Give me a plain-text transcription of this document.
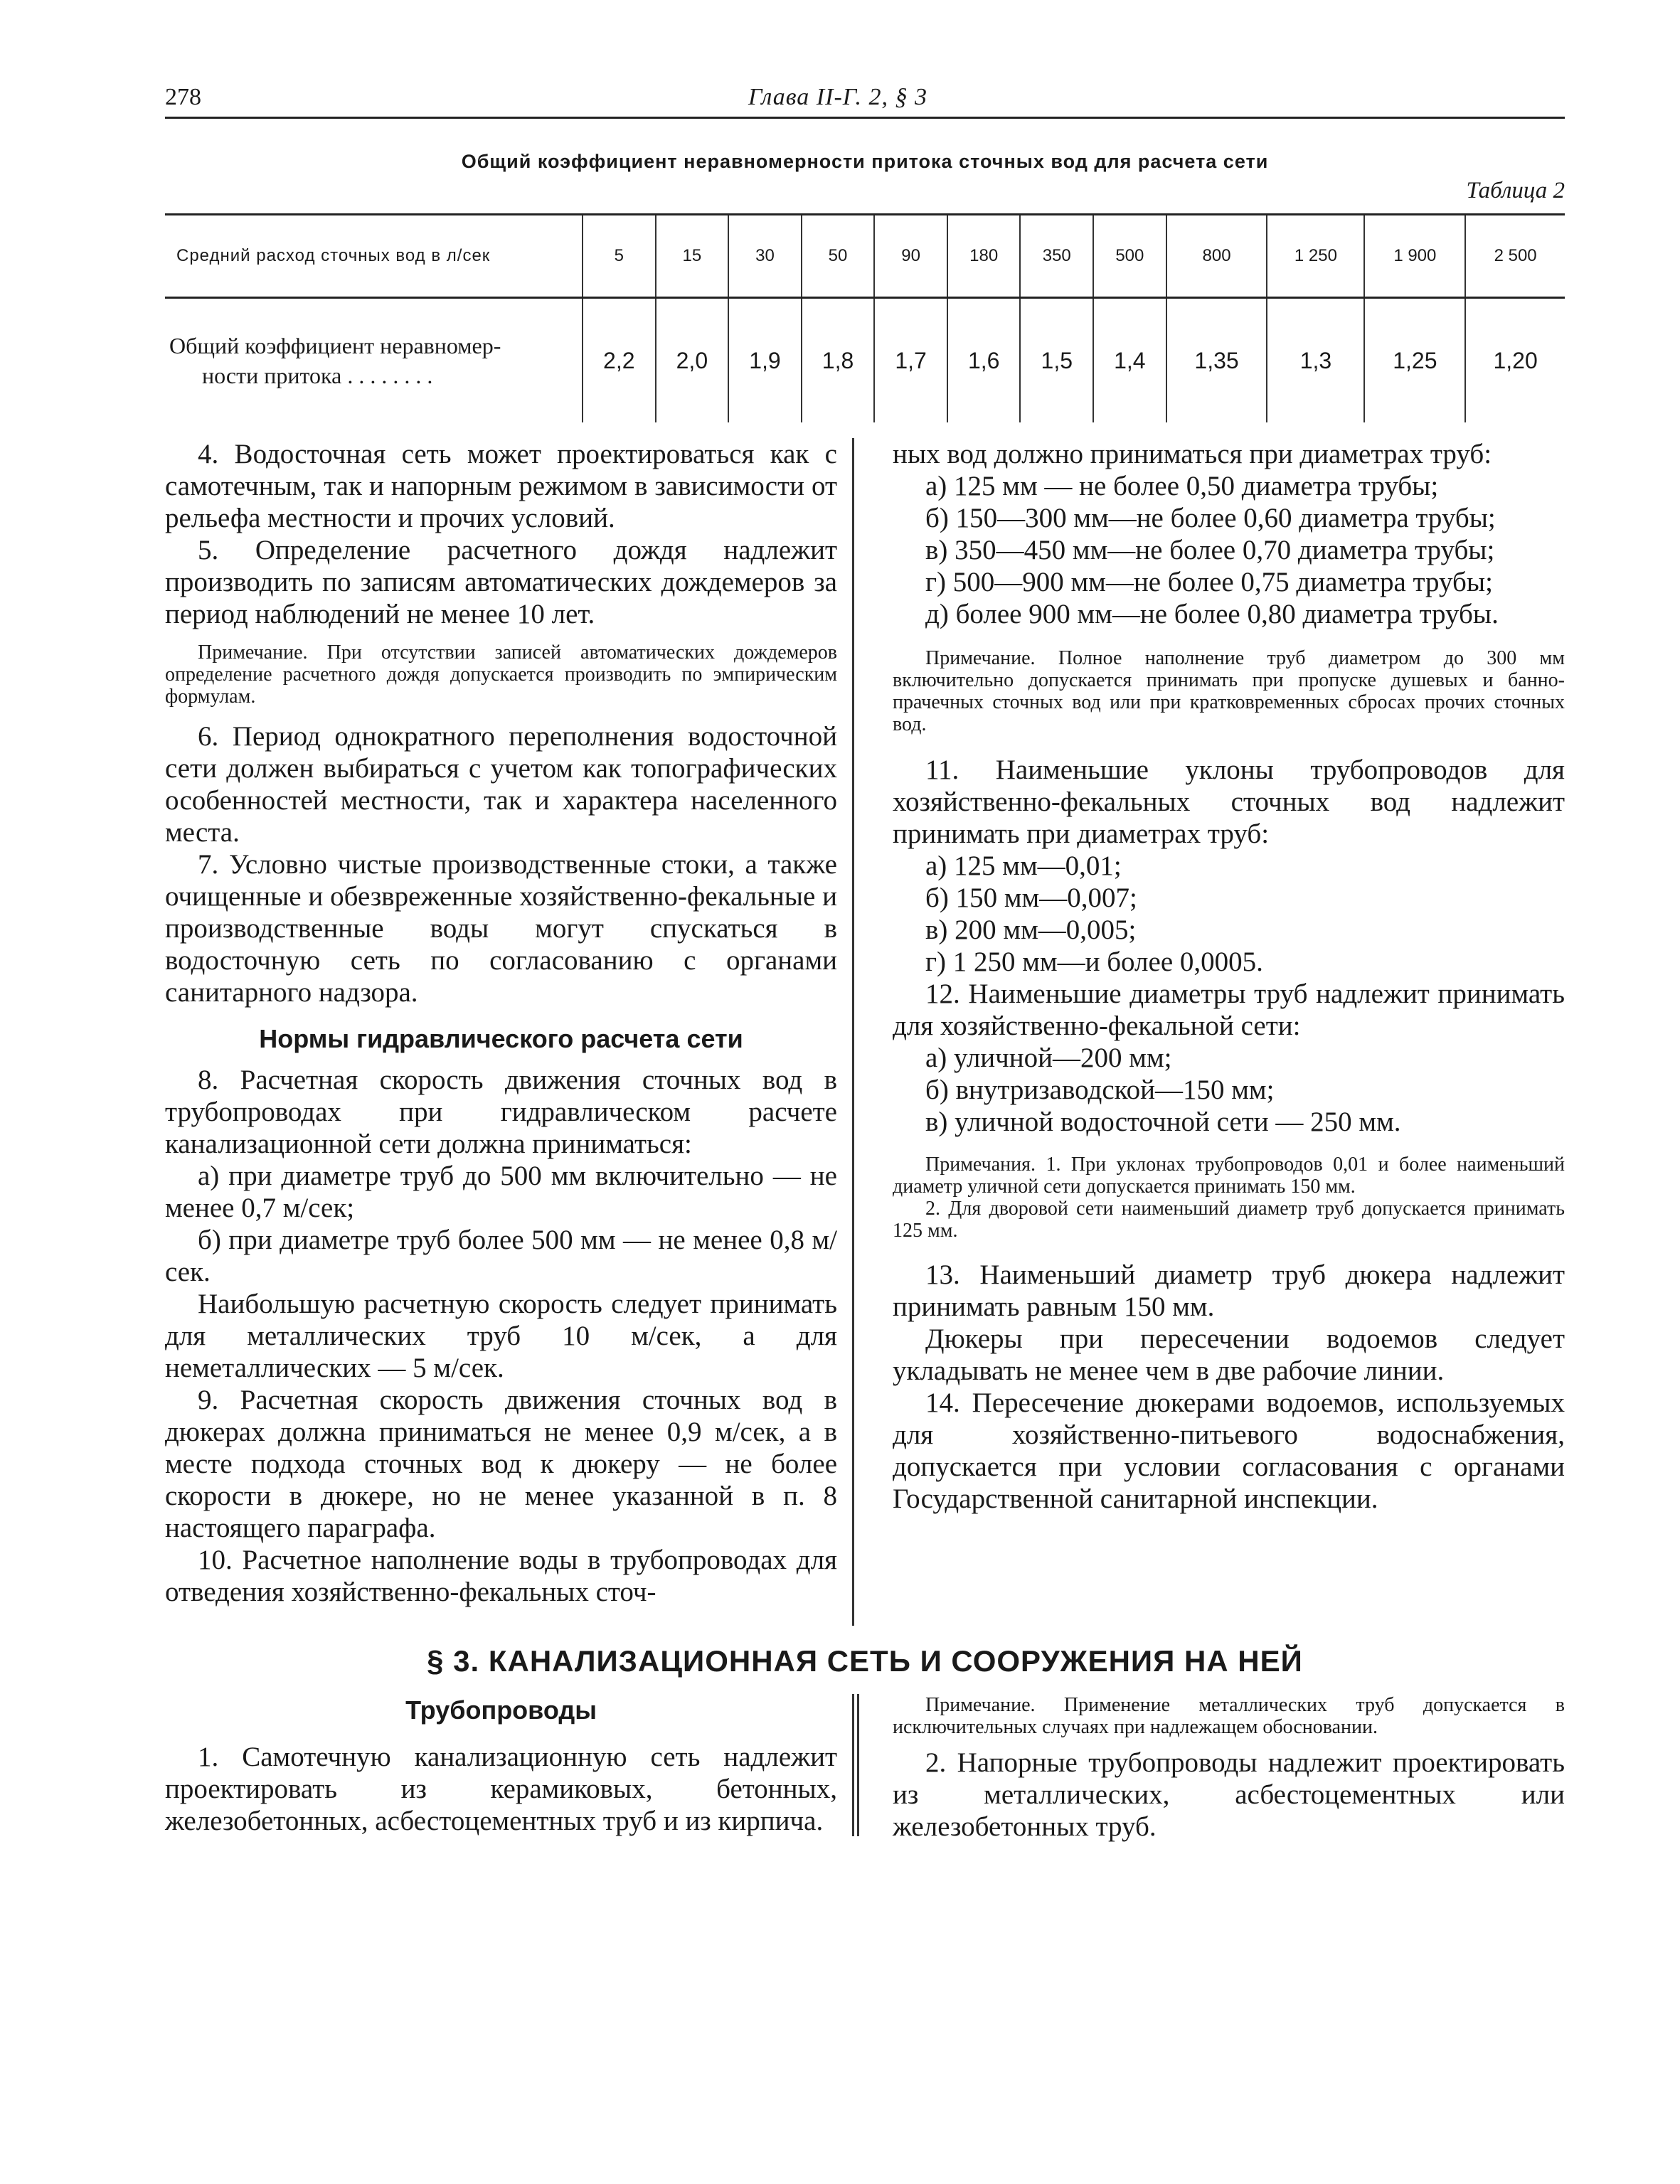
278	Глава II-Г. 2, § 3
Общий коэффициент неравномерности притока сточных вод для расчета сети
Таблица 2
Средний расход сточных вод в л/сек	5	15	30	50	90	180	350	500	800	1 250	1 900	2 500

Общий коэффициент неравномер-
ности притока . . . . . . . .	2,2	2,0	1,9	1,8	1,7	1,6	1,5	1,4	1,35	1,3	1,25	1,20

4. Водосточная сеть может проектироваться как с самотечным, так и напорным режимом в зависимости от рельефа местности и прочих условий.

5. Определение расчетного дождя надлежит производить по записям автоматических дождемеров за период наблюдений не менее 10 лет.

Примечание. При отсутствии записей автоматических дождемеров определение расчетного дождя допускается производить по эмпирическим формулам.

6. Период однократного переполнения водосточной сети должен выбираться с учетом как топографических особенностей местности, так и характера населенного места.

7. Условно чистые производственные стоки, а также очищенные и обезвреженные хозяйственно-фекальные и производственные воды могут спускаться в водосточную сеть по согласованию с органами санитарного надзора.

Нормы гидравлического расчета сети

8. Расчетная скорость движения сточных вод в трубопроводах при гидравлическом расчете канализационной сети должна приниматься:

а) при диаметре труб до 500 мм включительно — не менее 0,7 м/сек;

б) при диаметре труб более 500 мм — не менее 0,8 м/сек.

Наибольшую расчетную скорость следует принимать для металлических труб 10 м/сек, а для неметаллических — 5 м/сек.

9. Расчетная скорость движения сточных вод в дюкерах должна приниматься не менее 0,9 м/сек, а в месте подхода сточных вод к дюкеру — не более скорости в дюкере, но не менее указанной в п. 8 настоящего параграфа.

10. Расчетное наполнение воды в трубопроводах для отведения хозяйственно-фекальных сточ-

ных вод должно приниматься при диаметрах труб:

а) 125 мм — не более 0,50 диаметра трубы;

б) 150—300 мм—не более 0,60 диаметра трубы;

в) 350—450 мм—не более 0,70 диаметра трубы;

г) 500—900 мм—не более 0,75 диаметра трубы;

д) более 900 мм—не более 0,80 диаметра трубы.

Примечание. Полное наполнение труб диаметром до 300 мм включительно допускается принимать при пропуске душевых и банно-прачечных сточных вод или при кратковременных сбросах прочих сточных вод.

11. Наименьшие уклоны трубопроводов для хозяйственно-фекальных сточных вод надлежит принимать при диаметрах труб:

а) 125 мм—0,01;

б) 150 мм—0,007;

в) 200 мм—0,005;

г) 1 250 мм—и более 0,0005.

12. Наименьшие диаметры труб надлежит принимать для хозяйственно-фекальной сети:

а) уличной—200 мм;

б) внутризаводской—150 мм;

в) уличной водосточной сети — 250 мм.

Примечания. 1. При уклонах трубопроводов 0,01 и более наименьший диаметр уличной сети допускается принимать 150 мм.

2. Для дворовой сети наименьший диаметр труб допускается принимать 125 мм.

13. Наименьший диаметр труб дюкера надлежит принимать равным 150 мм.

Дюкеры при пересечении водоемов следует укладывать не менее чем в две рабочие линии.

14. Пересечение дюкерами водоемов, используемых для хозяйственно-питьевого водоснабжения, допускается при условии согласования с органами Государственной санитарной инспекции.

§ 3. КАНАЛИЗАЦИОННАЯ СЕТЬ И СООРУЖЕНИЯ НА НЕЙ
Трубопроводы

1. Самотечную канализационную сеть надлежит проектировать из керамиковых, бетонных, железобетонных, асбестоцементных труб и из кирпича.

Примечание. Применение металлических труб допускается в исключительных случаях при надлежащем обосновании.

2. Напорные трубопроводы надлежит проектировать из металлических, асбестоцементных или железобетонных труб.
